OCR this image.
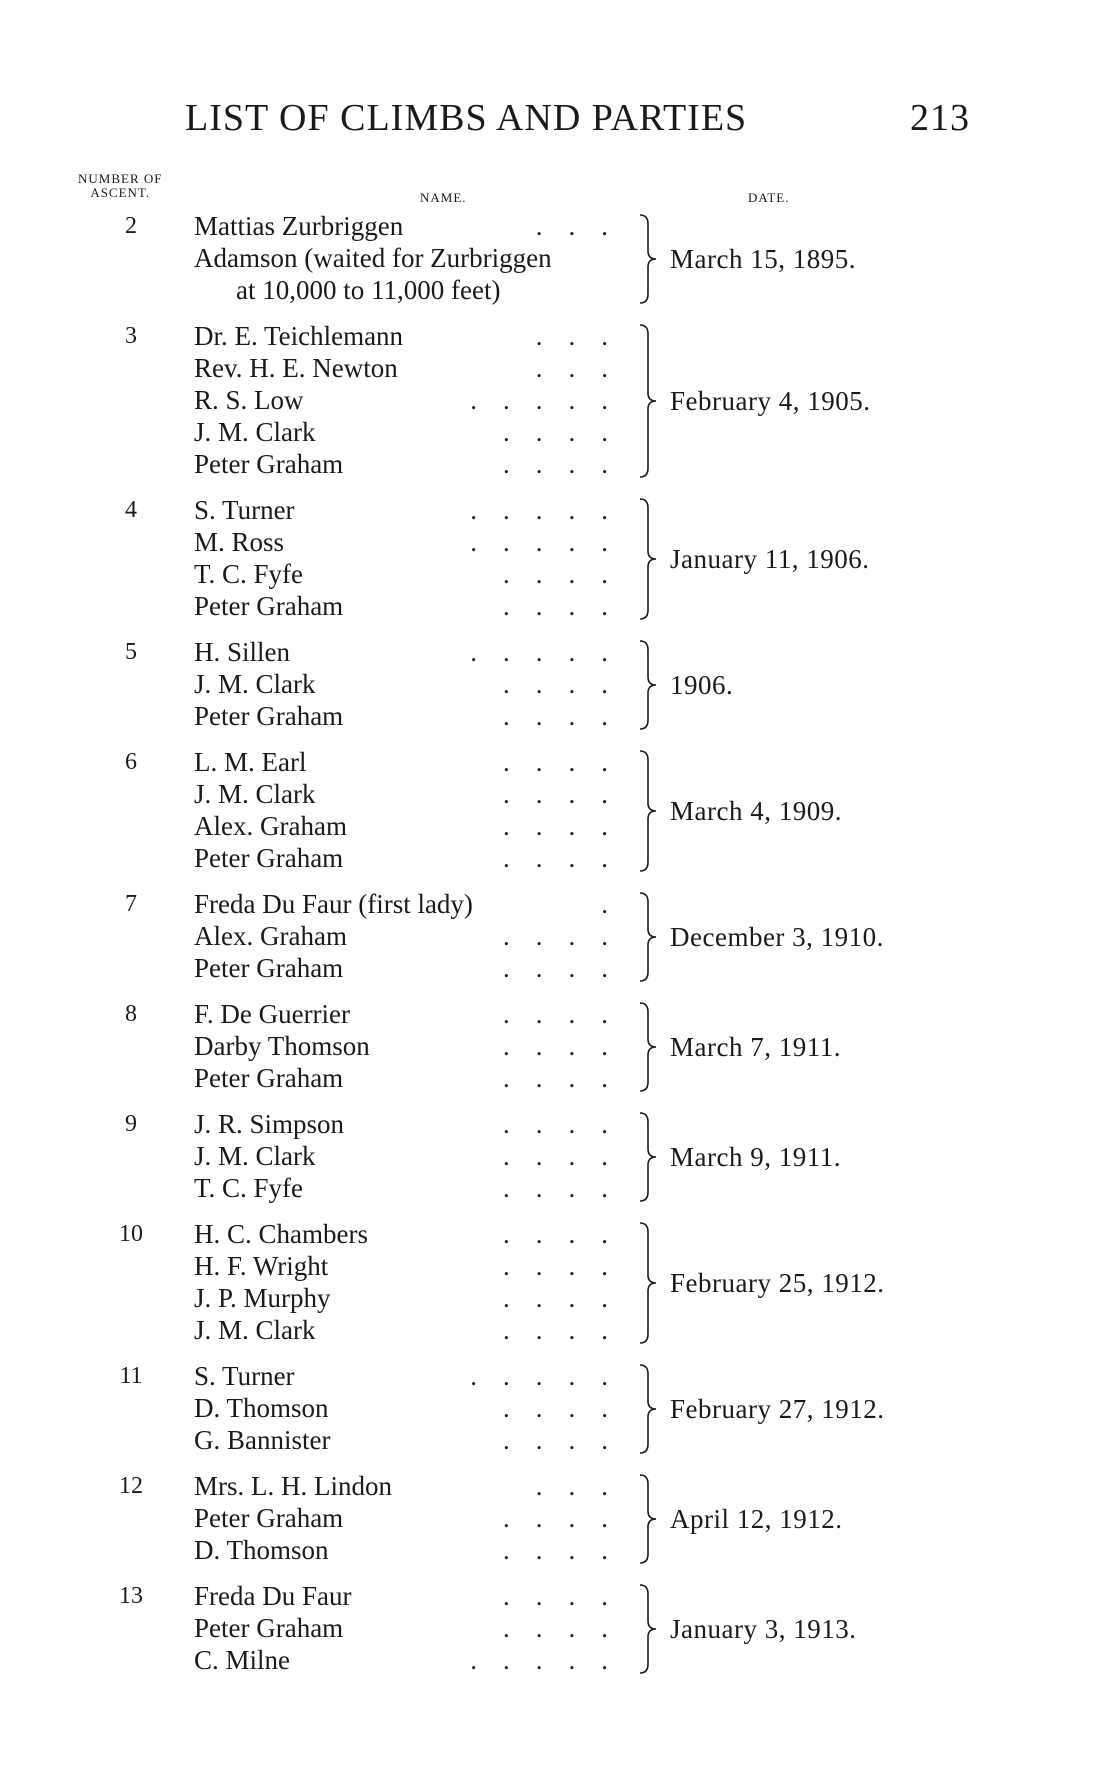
LIST OF CLIMBS AND PARTIES	213
NUMBER OF
ASCENT.	NAME.	DATE.
2	Mattias Zurbriggen	...
Adamson (waited for Zurbriggen
at 10,000 to 11,000 feet)
March 15, 1895.
3	Dr. E. Teichlemann	...
Rev. H. E. Newton	...
R. S. Low	.....
J. M. Clark	....
Peter Graham	....
February 4, 1905.
4	S. Turner	.....
M. Ross	.....
T. C. Fyfe	....
Peter Graham	....
January 11, 1906.
5	H. Sillen	.....
J. M. Clark	....
Peter Graham	....
1906.
6	L. M. Earl	....
J. M. Clark	....
Alex. Graham	....
Peter Graham	....
March 4, 1909.
7	Freda Du Faur (first lady)	.
Alex. Graham	....
Peter Graham	....
December 3, 1910.
8	F. De Guerrier	....
Darby Thomson	....
Peter Graham	....
March 7, 1911.
9	J. R. Simpson	....
J. M. Clark	....
T. C. Fyfe	....
March 9, 1911.
10	H. C. Chambers	....
H. F. Wright	....
J. P. Murphy	....
J. M. Clark	....
February 25, 1912.
11	S. Turner	.....
D. Thomson	....
G. Bannister	....
February 27, 1912.
12	Mrs. L. H. Lindon	...
Peter Graham	....
D. Thomson	....
April 12, 1912.
13	Freda Du Faur	....
Peter Graham	....
C. Milne	.....
January 3, 1913.
